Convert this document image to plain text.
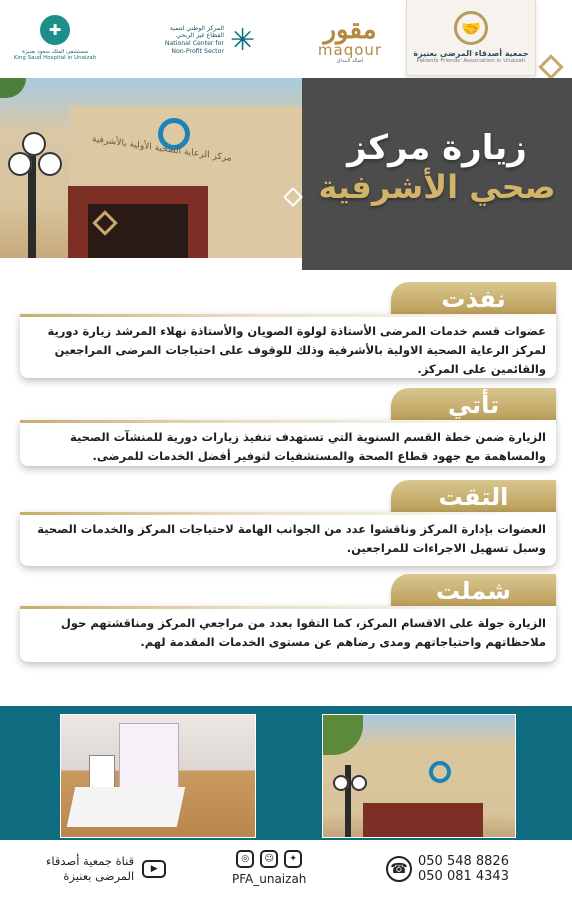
✚
مستشفى الملك سعود بعنيزة
King Saud Hospital in Unaizah
المركز الوطني لتنمية
القطاع غير الربحي
National Center for
Non-Profit Sector ✳	مقور
maqour
أصالة المذاق
🤝
جمعية أصدقاء المرضى بعنيزة
Patients Friends' Association in Unaizah
مركز الرعاية الصحية الأولية بالأشرفية	زيارة مركز
صحي الأشرفية
نفذت
عضوات قسم خدمات المرضى الأستاذة لولوة الصويان والأستاذة نهلاء المرشد زيارة دورية لمركز الرعاية الصحية الاولية بالأشرفية وذلك للوقوف على احتياجات المرضى المراجعين والقائمين على المركز.
تأتي
الزيارة ضمن خطة القسم السنوية التي تستهدف تنفيذ زيارات دورية للمنشآت الصحية والمساهمة مع جهود قطاع الصحة والمستشفيات لتوفير أفضل الخدمات للمرضى.
التقت
العضوات بإدارة المركز وناقشوا عدد من الجوانب الهامة لاحتياجات المركز والخدمات الصحية وسبل تسهيل الاجراءات للمراجعين.
شملت
الزيارة جولة على الاقسام المركز، كما التقوا بعدد من مراجعي المركز ومناقشتهم حول ملاحظاتهم واحتياجاتهم ومدى رضاهم عن مستوى الخدمات المقدمة لهم.
قناة جمعية أصدقاء
المرضى بعنيزة	▶
◎	☺	✦
PFA_unaizah
☎ 050 548 8826
050 081 4343
